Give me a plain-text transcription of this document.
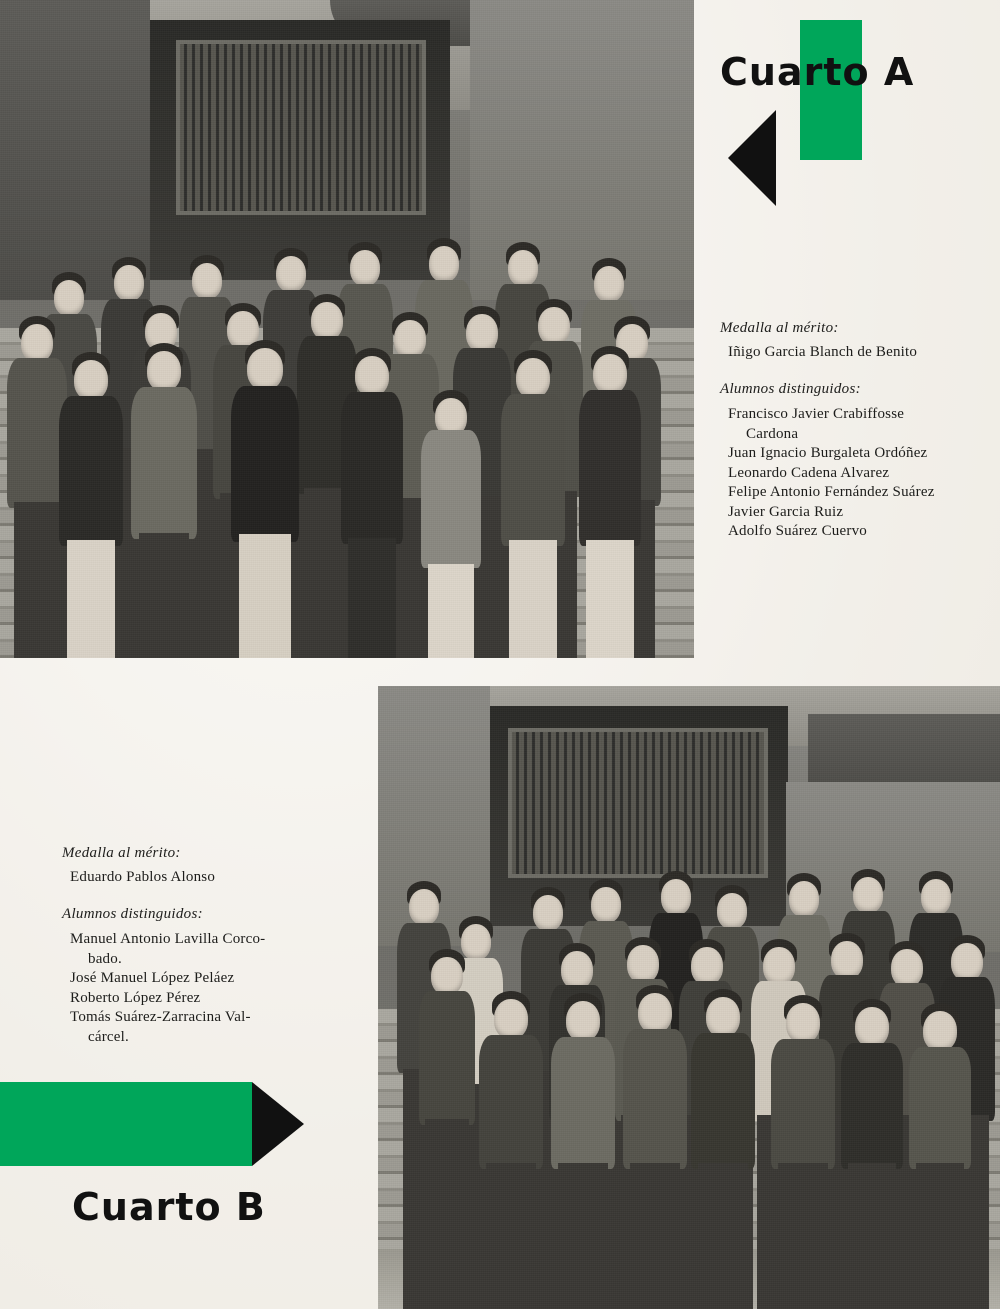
Cuarto A
Medalla al mérito:
Iñigo Garcia Blanch de Benito
Alumnos distinguidos:
Francisco Javier Crabiffosse
Cardona
Juan Ignacio Burgaleta Ordóñez
Leonardo Cadena Alvarez
Felipe Antonio Fernández Suárez
Javier Garcia Ruiz
Adolfo Suárez Cuervo
Medalla al mérito:
Eduardo Pablos Alonso
Alumnos distinguidos:
Manuel Antonio Lavilla Corco-
bado.
José Manuel López Peláez
Roberto López Pérez
Tomás Suárez-Zarracina Val-
cárcel.
Cuarto B
